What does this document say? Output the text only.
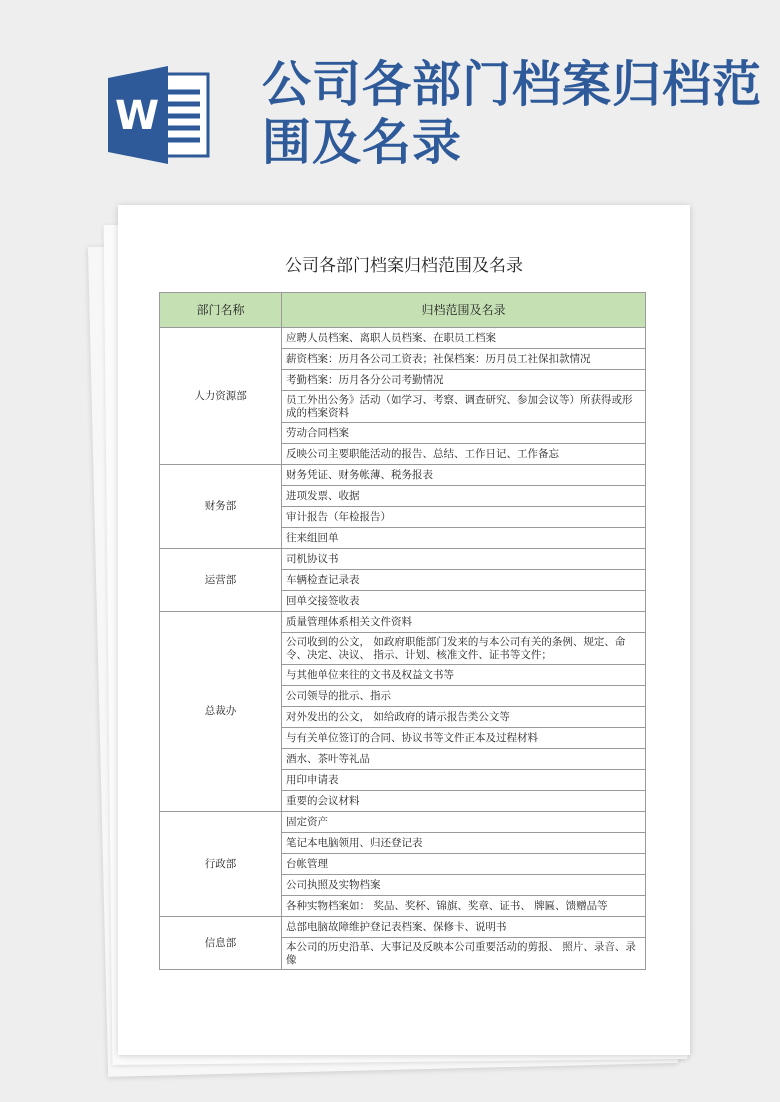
W
公司各部门档案归档范围及名录
公司各部门档案归档范围及名录
部门名称	归档范围及名录
人力资源部	应聘人员档案、离职人员档案、在职员工档案
	薪资档案：历月各公司工资表；社保档案：历月员工社保扣款情况
	考勤档案：历月各分公司考勤情况
	员工外出公务》活动（如学习、考察、调查研究、参加会议等）所获得或形成的档案资料
	劳动合同档案
	反映公司主要职能活动的报告、总结、工作日记、工作备忘
财务部	财务凭证、财务帐薄、税务报表
	进项发票、收据
	审计报告（年检报告）
	往来组回单
运营部	司机协议书
	车辆检查记录表
	回单交接签收表
总裁办	质量管理体系相关文件资料
	公司收到的公文， 如政府职能部门发来的与本公司有关的条例、规定、命令、决定、决议、 指示、计划、核准文件、证书等文件；
	与其他单位来往的文书及权益文书等
	公司领导的批示、指示
	对外发出的公文， 如给政府的请示报告类公文等
	与有关单位签订的合同、协议书等文件正本及过程材料
	酒水、茶叶等礼品
	用印申请表
	重要的会议材料
行政部	固定资产
	笔记本电脑领用、归还登记表
	台帐管理
	公司执照及实物档案
	各种实物档案如： 奖品、奖杯、锦旗、奖章、证书、 牌匾、馈赠品等
信息部	总部电脑故障维护登记表档案、保修卡、说明书
	本公司的历史沿革、大事记及反映本公司重要活动的剪报、 照片、录音、录像
